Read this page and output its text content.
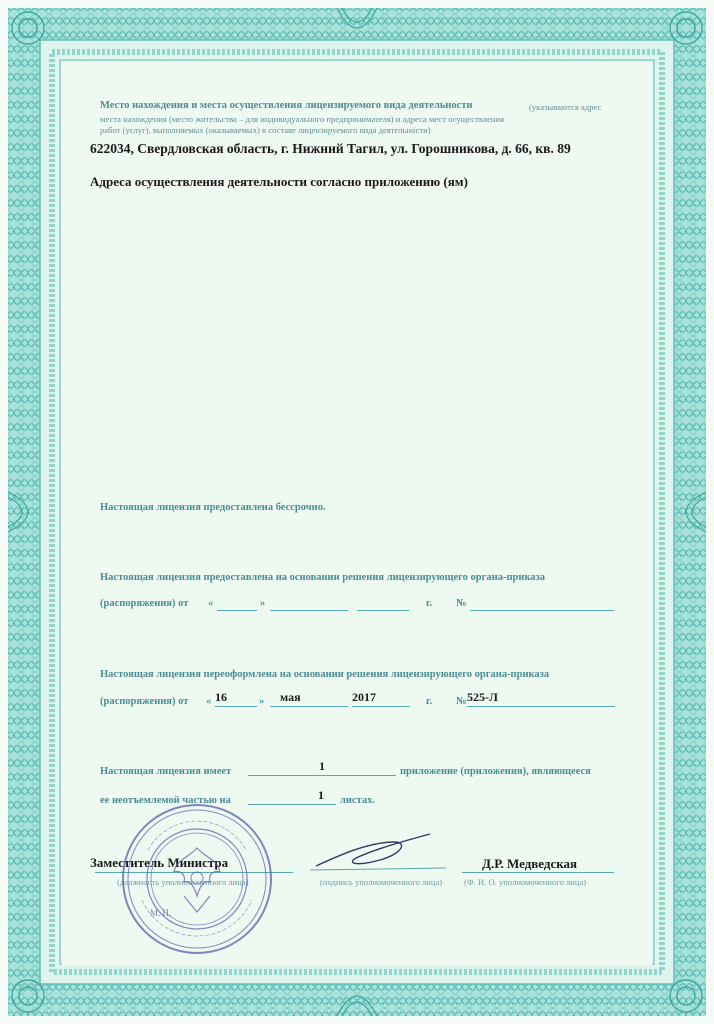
Место нахождения и места осуществления лицензируемого вида деятельности	(указываются адрес
места нахождения (место жительства – для индивидуального предпринимателя) и адреса мест осуществления
работ (услуг), выполняемых (оказываемых) в составе лицензируемого вида деятельности)
622034, Свердловская область, г. Нижний Тагил, ул. Горошникова, д. 66, кв. 89
Адреса осуществления деятельности согласно приложению (ям)
Настоящая лицензия предоставлена бессрочно.
Настоящая лицензия предоставлена на основании решения лицензирующего органа-приказа
(распоряжения) от «	»	г. №
Настоящая лицензия переоформлена на основании решения лицензирующего органа-приказа
(распоряжения) от « 16	» мая	2017	г. № 525-Л
Настоящая лицензия имеет	1	приложение (приложения), являющееся
ее неотъемлемой частью на	1	листах.
Заместитель Министра
(должность уполномоченного лица)	(подпись уполномоченного лица)
Д.Р. Медведская
(Ф. И. О. уполномоченного лица)
М. П.
